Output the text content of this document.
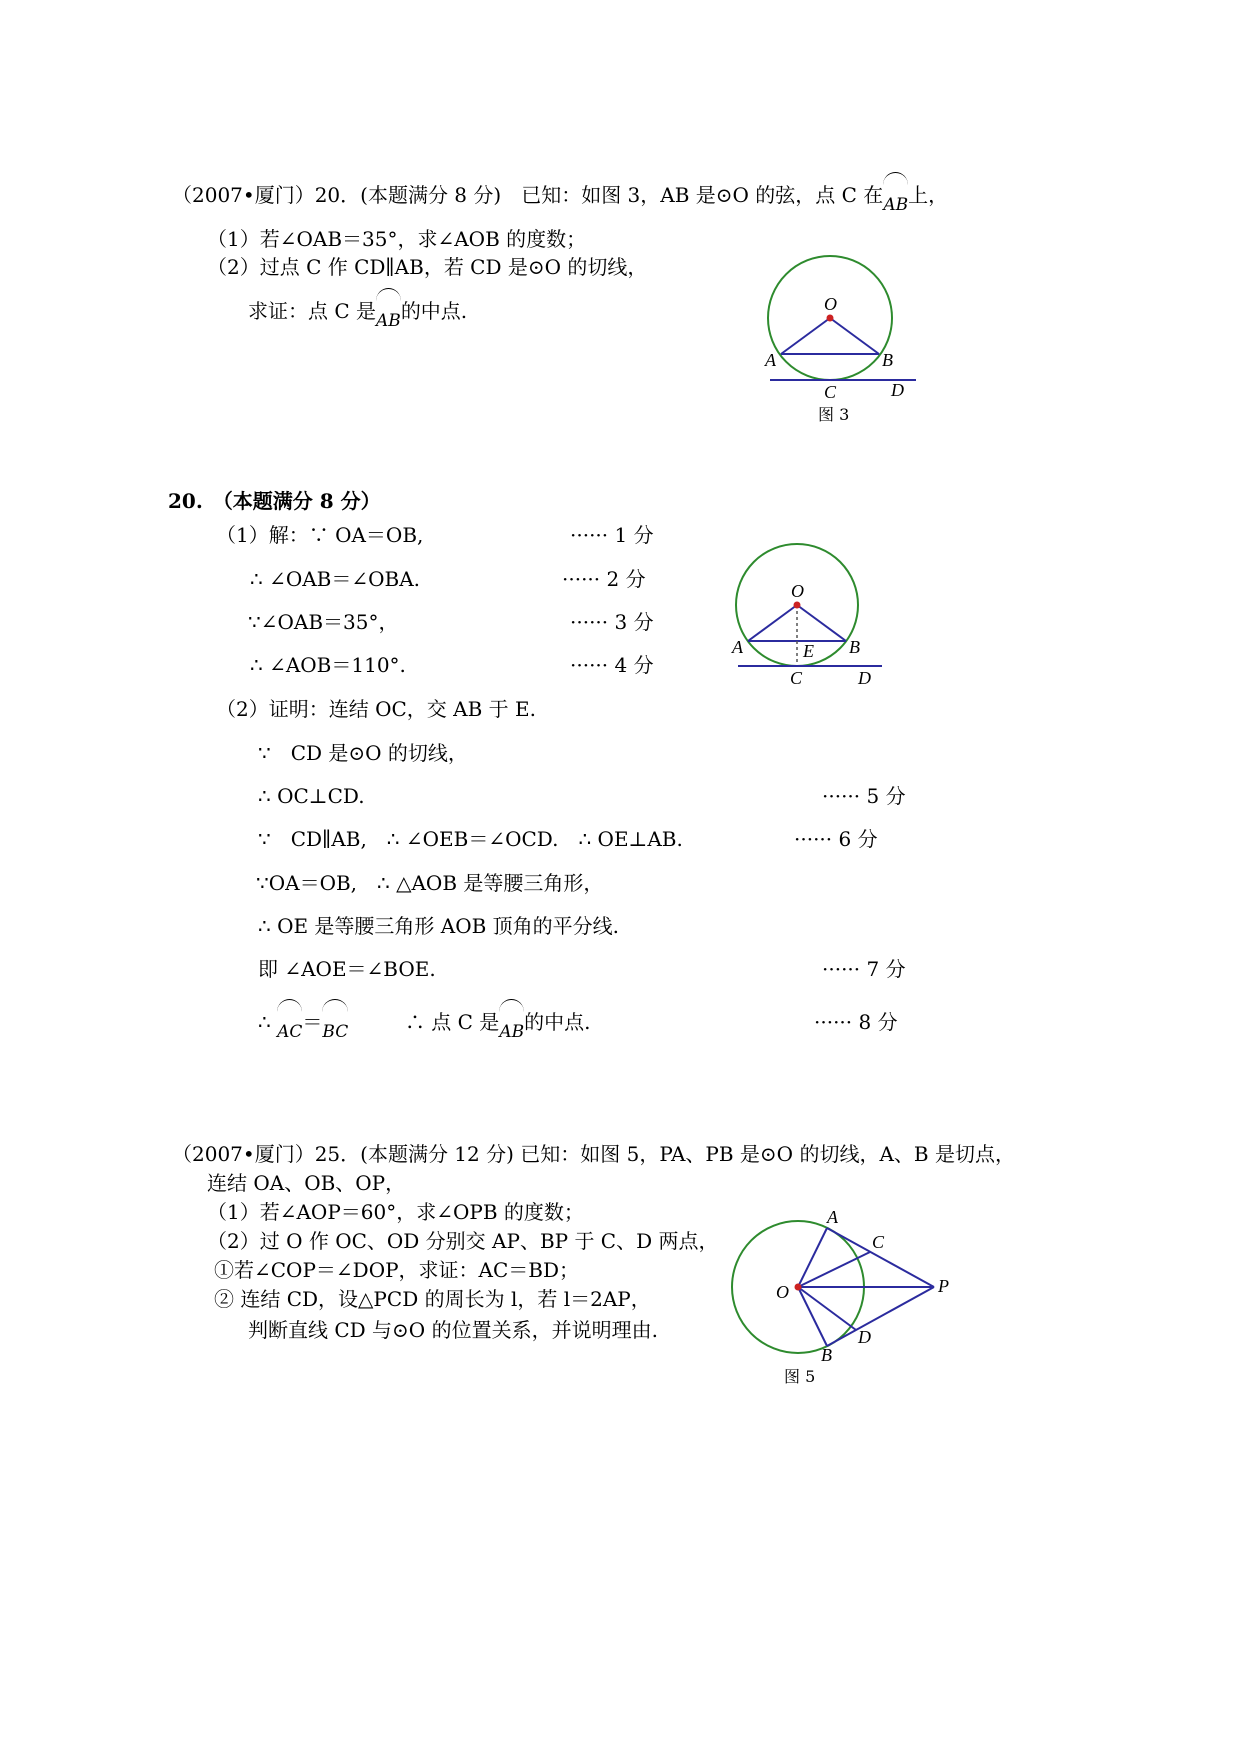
（2007•厦门）20．(本题满分 8 分)　已知：如图 3，AB 是⊙O 的弦，点 C 在
$_{AB}$上，
（1）若∠OAB＝35°，求∠AOB 的度数；
（2）过点 C 作 CD∥AB，若 CD 是⊙O 的切线，
求证：点 C 是
$_{AB}$的中点.	O
A	B
C	D
图 3
20.　（本题满分 8 分）
（1）解：∵ OA＝OB,	······ 1 分
∴ ∠OAB＝∠OBA.	······ 2 分
∵∠OAB＝35°，	······ 3 分
∴ ∠AOB＝110°.	······ 4 分
O
A	B
E
C	D
（2）证明：连结 OC，交 AB 于 E.
∵　CD 是⊙O 的切线，
∴ OC⊥CD.	······ 5 分
∵　CD∥AB,　∴ ∠OEB＝∠OCD.　∴ OE⊥AB.	······ 6 分
∵OA＝OB,　∴ △AOB 是等腰三角形，
∴ OE 是等腰三角形 AOB 顶角的平分线.
即 ∠AOE＝∠BOE.	······ 7 分
∴ $_{AC}$＝
$_{BC}$	∴ 点 C 是
$_{AB}$的中点.	······ 8 分
（2007•厦门）25．(本题满分 12 分) 已知：如图 5，PA、PB 是⊙O 的切线，A、B 是切点，
连结 OA、OB、OP，
（1）若∠AOP＝60°，求∠OPB 的度数；
（2）过 O 作 OC、OD 分别交 AP、BP 于 C、D 两点，
①若∠COP＝∠DOP，求证：AC＝BD；
② 连结 CD，设△PCD 的周长为 l，若 l＝2AP，
判断直线 CD 与⊙O 的位置关系，并说明理由.
A
C
P
O
D
B
图 5
